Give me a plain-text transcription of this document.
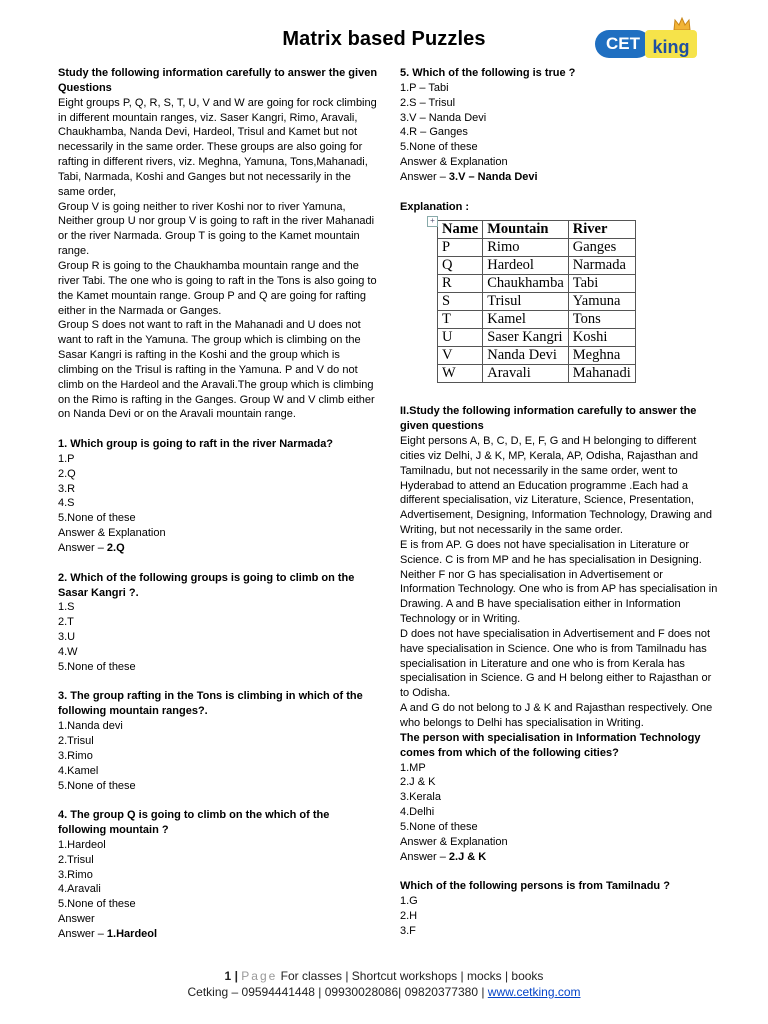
Matrix based Puzzles	CET king

Study the following information carefully to answer the given Questions

Eight groups P, Q, R, S, T, U, V and W are going for rock climbing in different mountain ranges, viz. Saser Kangri, Rimo, Aravali, Chaukhamba, Nanda Devi, Hardeol, Trisul and Kamet but not necessarily in the same order. These groups are also going for rafting in different rivers, viz. Meghna, Yamuna, Tons,Mahanadi, Tabi, Narmada, Koshi and Ganges but not necessarily in the same order,

Group V is going neither to river Koshi nor to river Yamuna, Neither group U nor group V is going to raft in the river Mahanadi or the river Narmada. Group T is going to the Kamet mountain range.

Group R is going to the Chaukhamba mountain range and the river Tabi. The one who is going to raft in the Tons is also going to the Kamet mountain range. Group P and Q are going for rafting either in the Narmada or Ganges.

Group S does not want to raft in the Mahanadi and U does not want to raft in the Yamuna. The group which is climbing on the Sasar Kangri is rafting in the Koshi and the group which is climbing on the Trisul is rafting in the Yamuna. P and V do not climb on the Hardeol and the Aravali.The group which is climbing on the Rimo is rafting in the Ganges. Group W and V climb either on Nanda Devi or on the Aravali mountain range.

1. Which group is going to raft in the river Narmada?

1.P

2.Q

3.R

4.S

5.None of these

Answer & Explanation

Answer – 2.Q

2. Which of the following groups is going to climb on the Sasar Kangri ?.

1.S

2.T

3.U

4.W

5.None of these

3. The group rafting in the Tons is climbing in which of the following mountain ranges?.

1.Nanda devi

2.Trisul

3.Rimo

4.Kamel

5.None of these

4. The group Q is going to climb on the which of the following mountain ?

1.Hardeol

2.Trisul

3.Rimo

4.Aravali

5.None of these

Answer

Answer – 1.Hardeol

5. Which of the following is true ?

1.P – Tabi

2.S – Trisul

3.V – Nanda Devi

4.R – Ganges

5.None of these

Answer & Explanation

Answer – 3.V – Nanda Devi

Explanation :

+
Name	Mountain	River
P	Rimo	Ganges
Q	Hardeol	Narmada
R	Chaukhamba	Tabi
S	Trisul	Yamuna
T	Kamel	Tons
U	Saser Kangri	Koshi
V	Nanda Devi	Meghna
W	Aravali	Mahanadi

II.Study the following information carefully to answer the given questions

Eight persons A, B, C, D, E, F, G and H belonging to different cities viz Delhi, J & K, MP, Kerala, AP, Odisha, Rajasthan and Tamilnadu, but not necessarily in the same order, went to Hyderabad to attend an Education programme .Each had a different specialisation, viz Literature, Science, Presentation, Advertisement, Designing, Information Technology, Drawing and Writing, but not necessarily in the same order.

E is from AP. G does not have specialisation in Literature or Science. C is from MP and he has specialisation in Designing. Neither F nor G has specialisation in Advertisement or Information Technology. One who is from AP has specialisation in Drawing. A and B have specialisation either in Information Technology or in Writing.

D does not have specialisation in Advertisement and F does not have specialisation in Science. One who is from Tamilnadu has specialisation in Literature and one who is from Kerala has specialisation in Science. G and H belong either to Rajasthan or to Odisha.

A and G do not belong to J & K and Rajasthan respectively. One who belongs to Delhi has specialisation in Writing.

The person with specialisation in Information Technology comes from which of the following cities?

1.MP

2.J & K

3.Kerala

4.Delhi

5.None of these

Answer & Explanation

Answer – 2.J & K

Which of the following persons is from Tamilnadu ?

1.G

2.H

3.F

1 | Page For classes | Shortcut workshops | mocks | books
Cetking – 09594441448 | 09930028086| 09820377380 | www.cetking.com
